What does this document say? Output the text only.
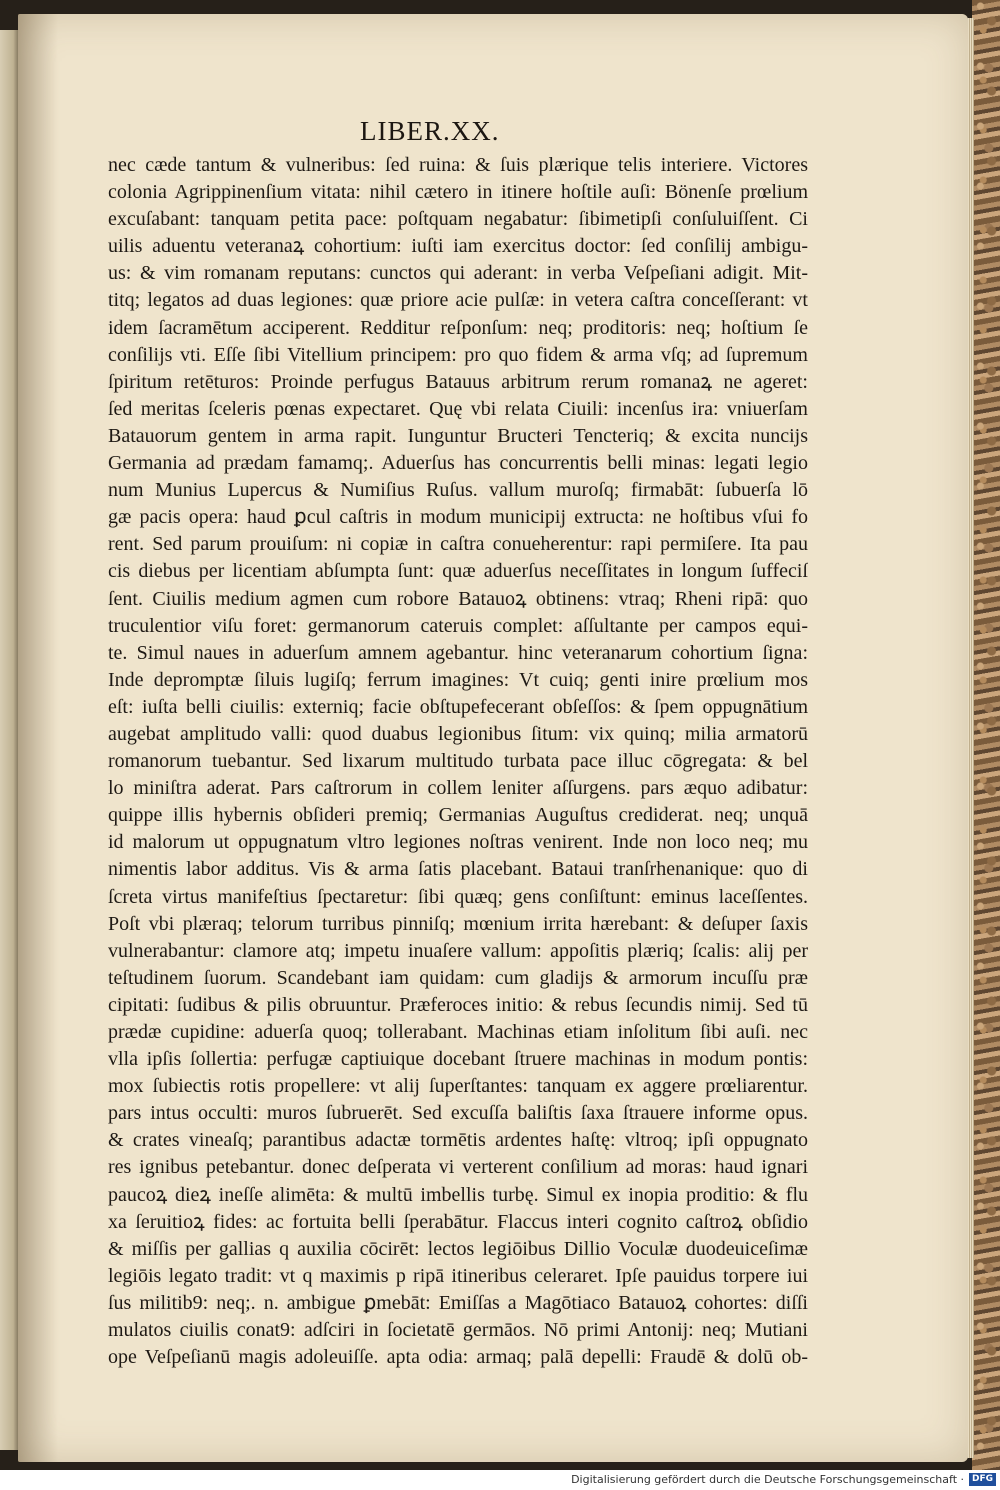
LIBER.XX.
nec cæde tantum & vulneribus: ſed ruina: & ſuis plærique telis interiere. Victores
colonia Agrippinenſium vitata: nihil cætero in itinere hoſtile auſi: Bönenſe prœlium
excuſabant: tanquam petita pace: poſtquam negabatur: ſibimetipſi conſuluiſſent. Ci
uilis aduentu veteranaꝝ cohortium: iuſti iam exercitus doctor: ſed conſilij ambigu-
us: & vim romanam reputans: cunctos qui aderant: in verba Veſpeſiani adigit. Mit-
titq; legatos ad duas legiones: quæ priore acie pulſæ: in vetera caſtra conceſſerant: vt
idem ſacramētum acciperent. Redditur reſponſum: neq; proditoris: neq; hoſtium ſe
conſilijs vti. Eſſe ſibi Vitellium principem: pro quo fidem & arma vſq; ad ſupremum
ſpiritum retēturos: Proinde perfugus Batauus arbitrum rerum romanaꝝ ne ageret:
ſed meritas ſceleris pœnas expectaret. Quę vbi relata Ciuili: incenſus ira: vniuerſam
Batauorum gentem in arma rapit. Iunguntur Bructeri Tencteriq; & excita nuncijs
Germania ad prædam famamq;. Aduerſus has concurrentis belli minas: legati legio
num Munius Lupercus & Numiſius Ruſus. vallum muroſq; firmabāt: ſubuerſa lō
gæ pacis opera: haud ꝑcul caſtris in modum municipij extructa: ne hoſtibus vſui fo
rent. Sed parum prouiſum: ni copiæ in caſtra conueherentur: rapi permiſere. Ita pau
cis diebus per licentiam abſumpta ſunt: quæ aduerſus neceſſitates in longum ſuffeciſ
ſent. Ciuilis medium agmen cum robore Batauoꝝ obtinens: vtraq; Rheni ripā: quo
truculentior viſu foret: germanorum cateruis complet: aſſultante per campos equi-
te. Simul naues in aduerſum amnem agebantur. hinc veteranarum cohortium ſigna:
Inde depromptæ ſiluis lugiſq; ferrum imagines: Vt cuiq; genti inire prœlium mos
eſt: iuſta belli ciuilis: externiq; facie obſtupefecerant obſeſſos: & ſpem oppugnātium
augebat amplitudo valli: quod duabus legionibus ſitum: vix quinq; milia armatorū
romanorum tuebantur. Sed lixarum multitudo turbata pace illuc cōgregata: & bel
lo miniſtra aderat. Pars caſtrorum in collem leniter aſſurgens. pars æquo adibatur:
quippe illis hybernis obſideri premiq; Germanias Auguſtus crediderat. neq; unquā
id malorum ut oppugnatum vltro legiones noſtras venirent. Inde non loco neq; mu
nimentis labor additus. Vis & arma ſatis placebant. Bataui tranſrhenanique: quo di
ſcreta virtus manifeſtius ſpectaretur: ſibi quæq; gens conſiſtunt: eminus laceſſentes.
Poſt vbi plæraq; telorum turribus pinniſq; mœnium irrita hærebant: & deſuper ſaxis
vulnerabantur: clamore atq; impetu inuaſere vallum: appoſitis plæriq; ſcalis: alij per
teſtudinem ſuorum. Scandebant iam quidam: cum gladijs & armorum incuſſu præ
cipitati: ſudibus & pilis obruuntur. Præferoces initio: & rebus ſecundis nimij. Sed tū
prædæ cupidine: aduerſa quoq; tollerabant. Machinas etiam inſolitum ſibi auſi. nec
vlla ipſis ſollertia: perfugæ captiuique docebant ſtruere machinas in modum pontis:
mox ſubiectis rotis propellere: vt alij ſuperſtantes: tanquam ex aggere prœliarentur.
pars intus occulti: muros ſubruerēt. Sed excuſſa baliſtis ſaxa ſtrauere informe opus.
& crates vineaſq; parantibus adactæ tormētis ardentes haſtę: vltroq; ipſi oppugnato
res ignibus petebantur. donec deſperata vi verterent conſilium ad moras: haud ignari
paucoꝝ dieꝝ ineſſe alimēta: & multū imbellis turbę. Simul ex inopia proditio: & flu
xa ſeruitioꝝ fides: ac fortuita belli ſperabātur. Flaccus interi cognito caſtroꝝ obſidio
& miſſis per gallias q auxilia cōcirēt: lectos legiōibus Dillio Voculæ duodeuiceſimæ
legiōis legato tradit: vt q maximis p ripā itineribus celeraret. Ipſe pauidus torpere iui
ſus militib9: neq;. n. ambigue ꝑmebāt: Emiſſas a Magōtiaco Batauoꝝ cohortes: diſſi
mulatos ciuilis conat9: adſciri in ſocietatē germāos. Nō primi Antonij: neq; Mutiani
ope Veſpeſianū magis adoleuiſſe. apta odia: armaq; palā depelli: Fraudē & dolū ob-
Digitalisierung gefördert durch die Deutsche Forschungsgemeinschaft · DFG
